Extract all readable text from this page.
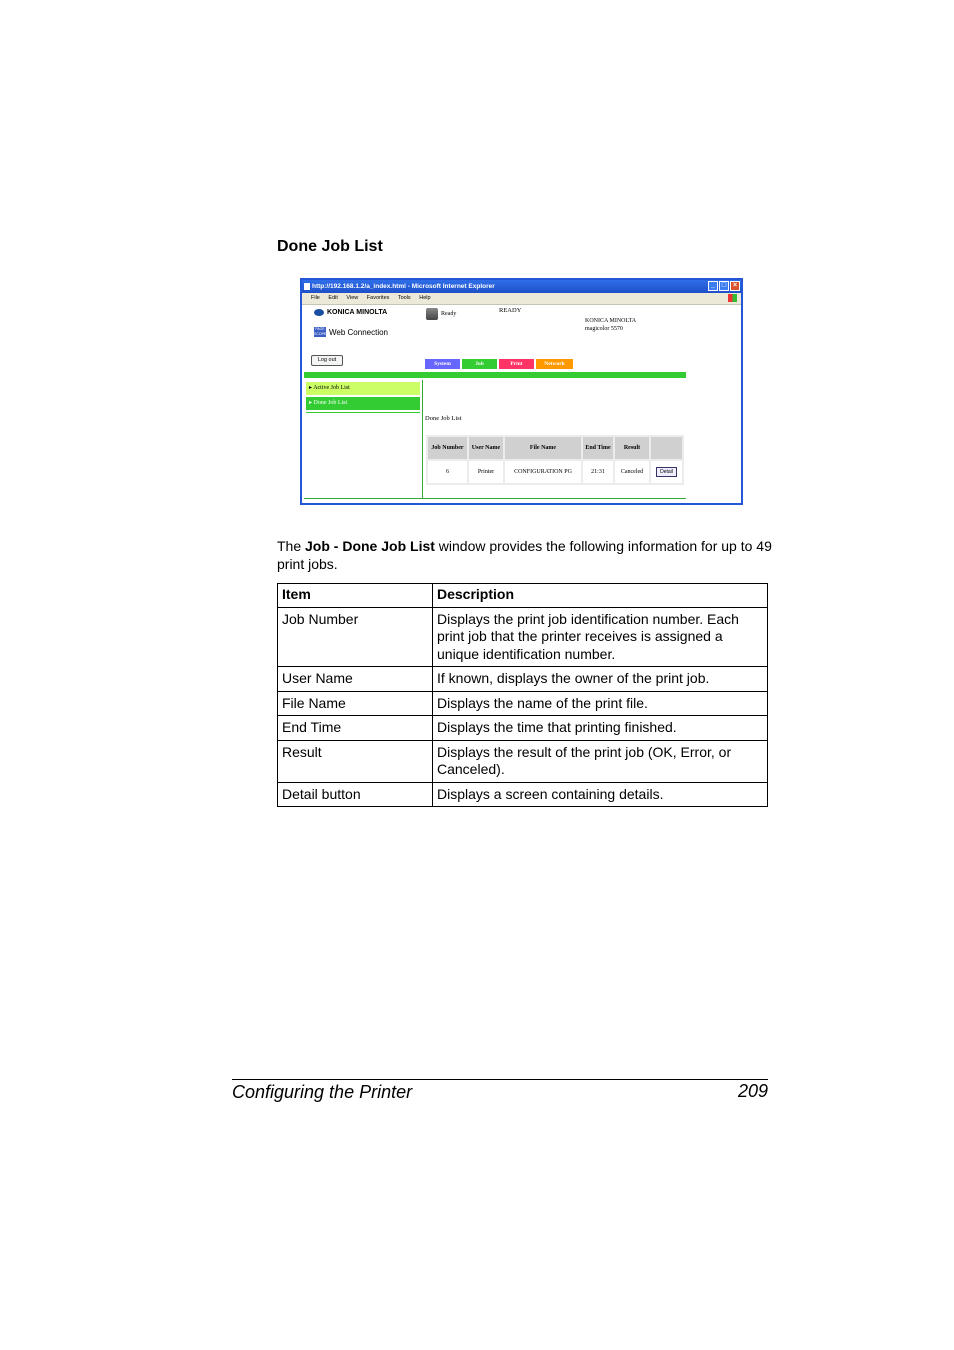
Done Job List
http://192.168.1.2/a_index.html - Microsoft Internet Explorer	_ □ ×
File Edit View Favorites Tools Help
KONICA MINOLTA
PAGE SCOPE Web Connection
Ready	READY
KONICA MINOLTA
magicolor 5570
Log out
System	Job	Print	Network
▸ Active Job List
▸ Done Job List
Done Job List
Job Number	User Name	File Name	End Time	Result	
6	Printer	CONFIGURATION PG	21:31	Canceled	Detail
The Job - Done Job List window provides the following information for up to 49 print jobs.
Item	Description
Job Number	Displays the print job identification number. Each print job that the printer receives is assigned a unique identification number.
User Name	If known, displays the owner of the print job.
File Name	Displays the name of the print file.
End Time	Displays the time that printing finished.
Result	Displays the result of the print job (OK, Error, or Canceled).
Detail button	Displays a screen containing details.
Configuring the Printer	209
